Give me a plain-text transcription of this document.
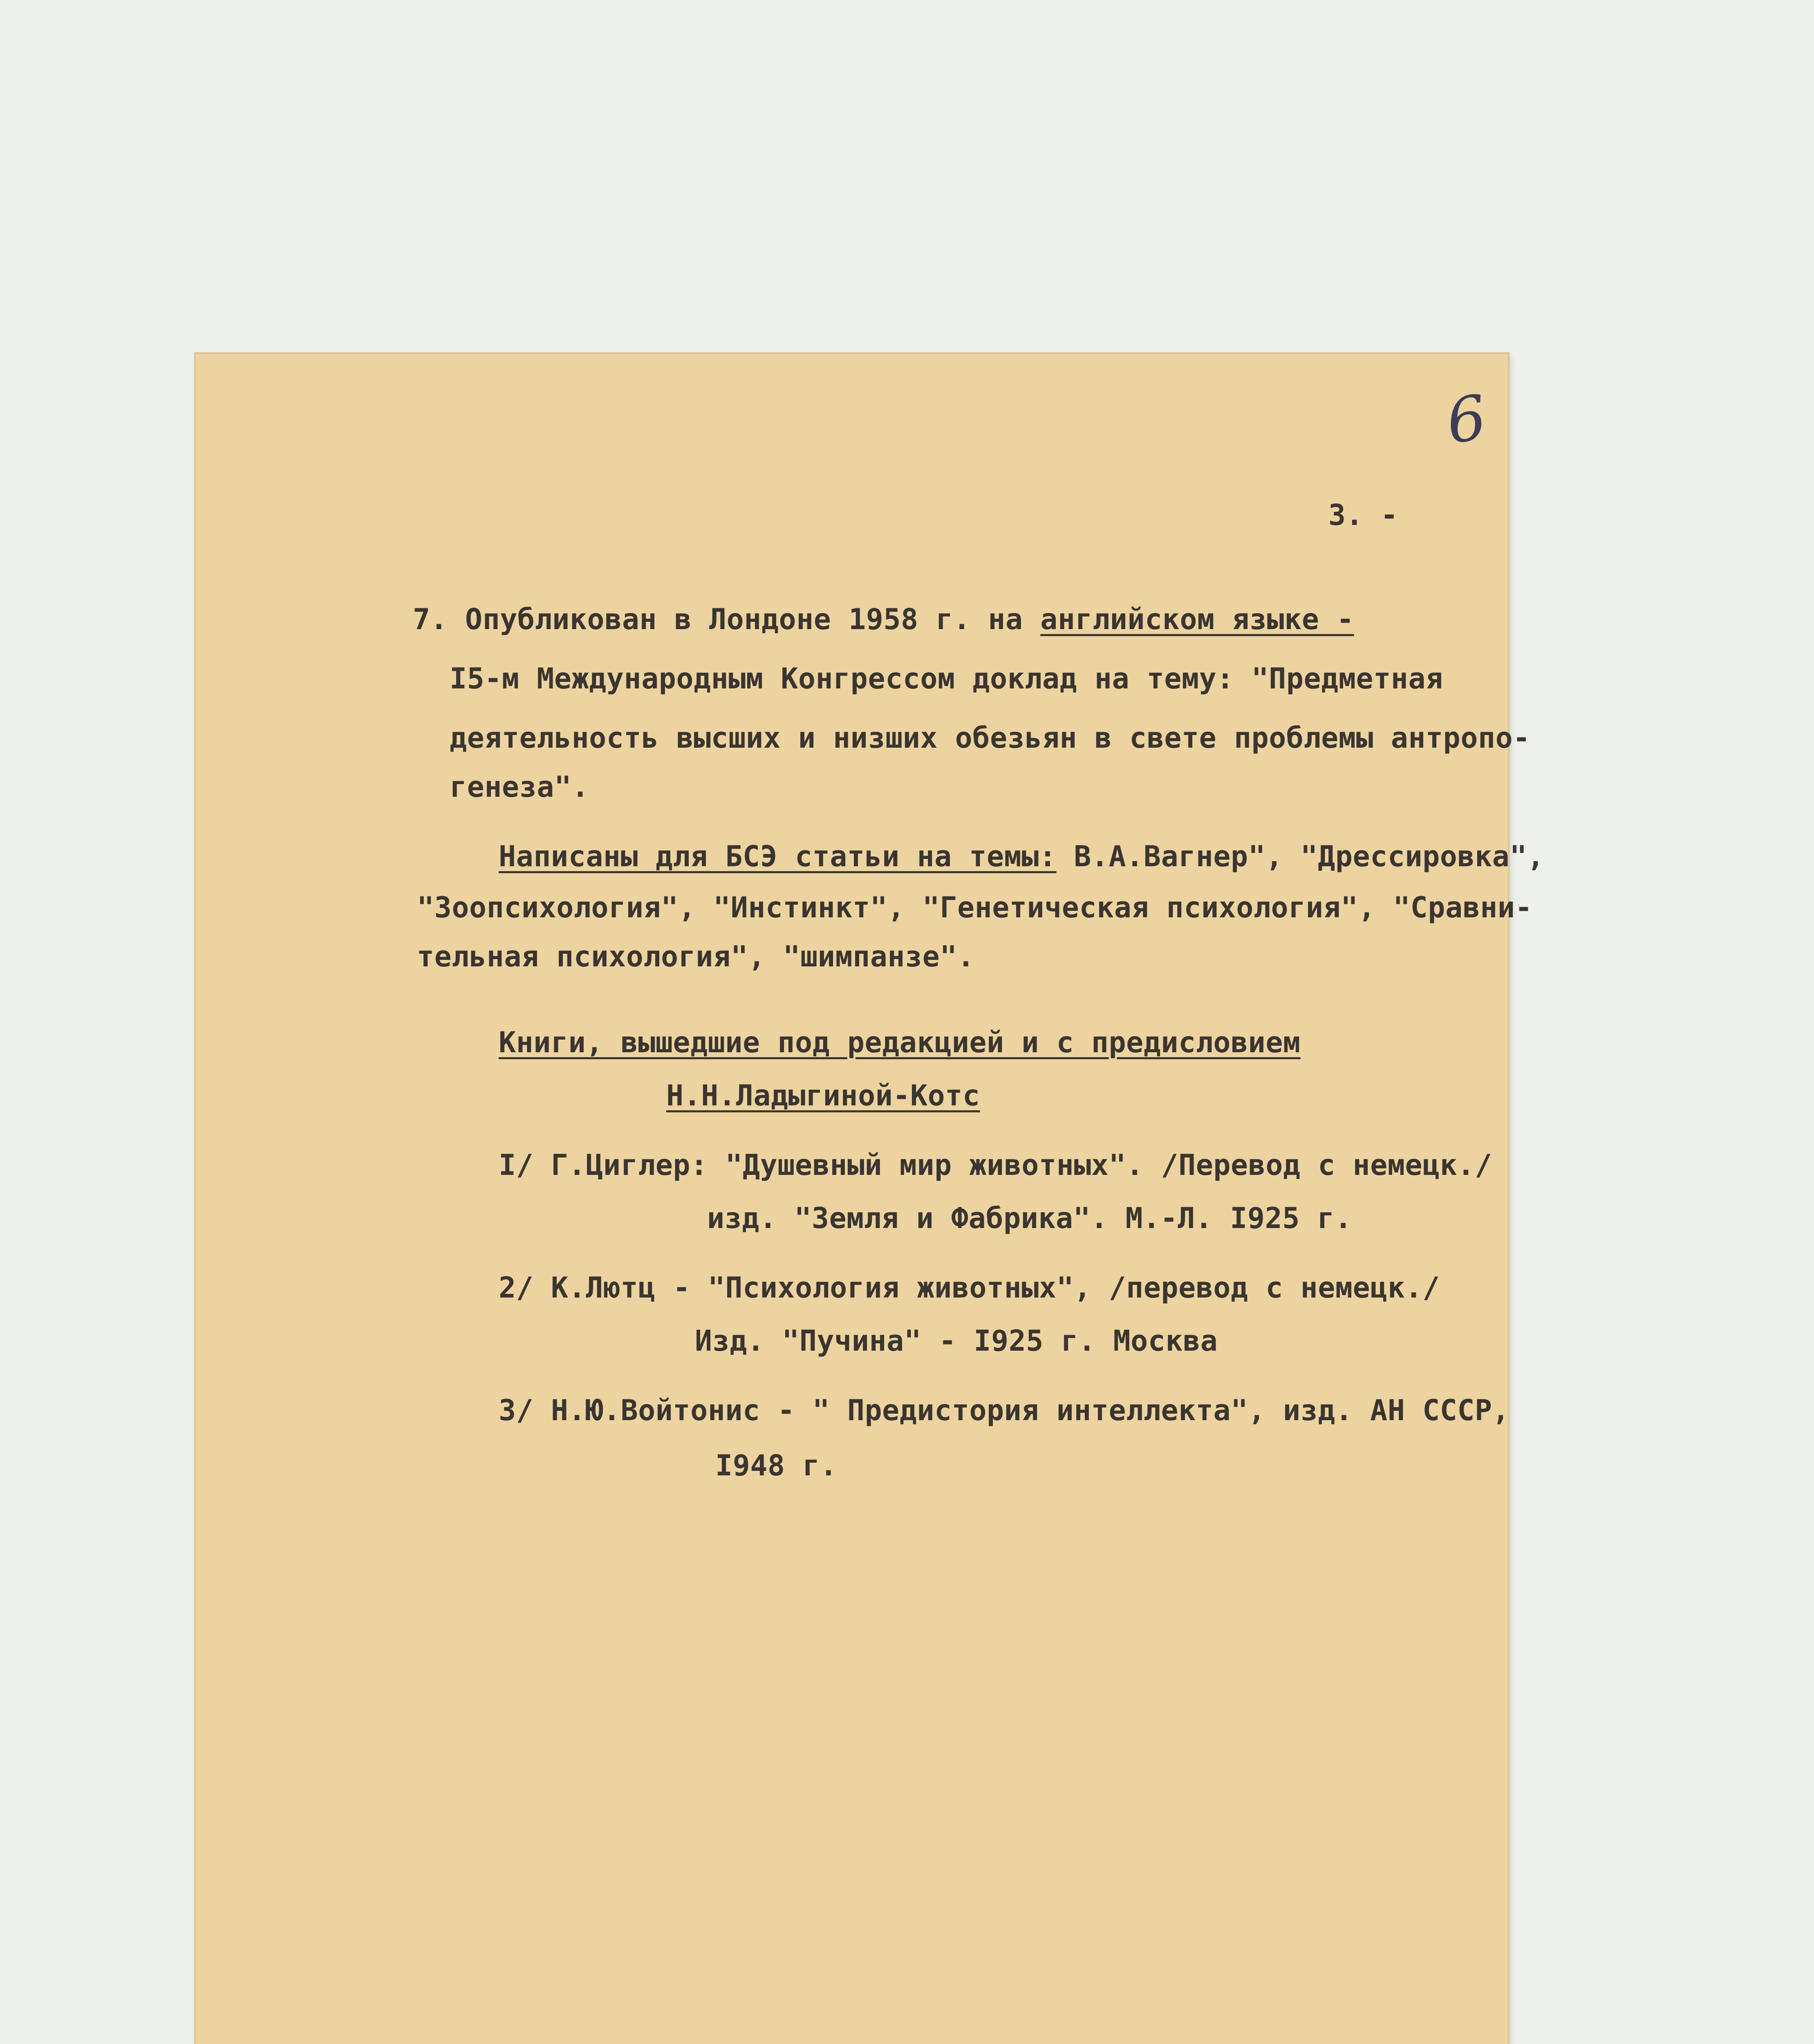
6
3. -
7. Опубликован в Лондоне 1958 г. на английском языке -
I5-м Международным Конгрессом доклад на тему: "Предметная
деятельность высших и низших обезьян в свете проблемы антропо-
генеза".
Написаны для БСЭ статьи на темы: В.А.Вагнер", "Дрессировка",
"Зоопсихология", "Инстинкт", "Генетическая психология", "Сравни-
тельная психология", "шимпанзе".
Книги, вышедшие под редакцией и с предисловием
Н.Н.Ладыгиной-Котс
I/ Г.Циглер: "Душевный мир животных". /Перевод с немецк./
изд. "Земля и Фабрика". М.-Л. I925 г.
2/ К.Лютц - "Психология животных", /перевод с немецк./
Изд. "Пучина" - I925 г. Москва
3/ Н.Ю.Войтонис - " Предистория интеллекта", изд. АН СССР,
I948 г.
